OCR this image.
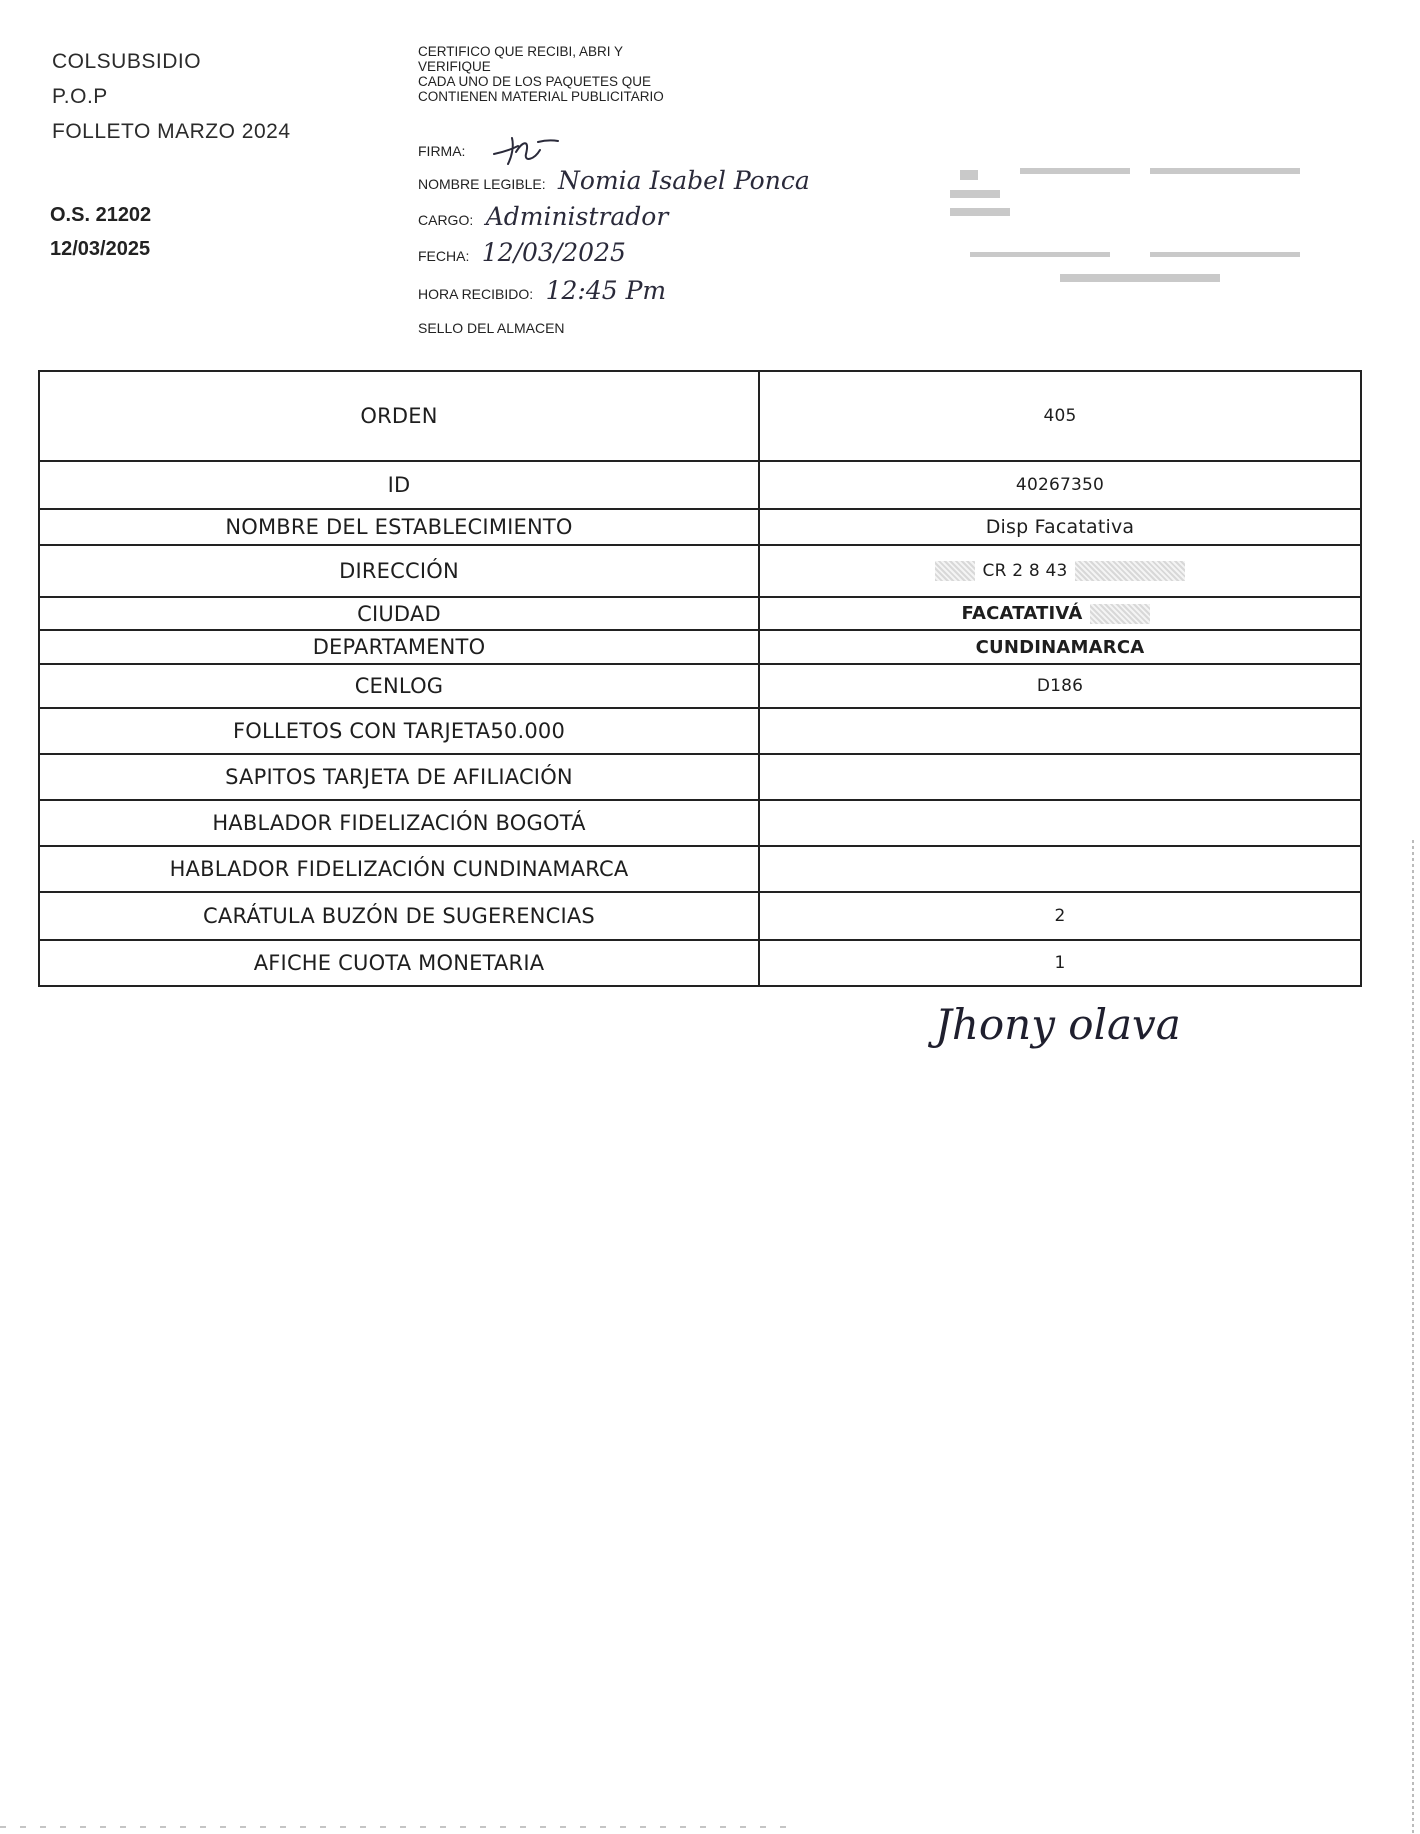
COLSUBSIDIO
P.O.P
FOLLETO MARZO 2024
O.S. 21202
12/03/2025
CERTIFICO QUE RECIBI, ABRI Y
VERIFIQUE
CADA UNO DE LOS PAQUETES QUE
CONTIENEN MATERIAL PUBLICITARIO
FIRMA:
NOMBRE LEGIBLE: Nomia Isabel Ponca
CARGO: Administrador
FECHA: 12/03/2025
HORA RECIBIDO: 12:45 Pm
SELLO DEL ALMACEN
ORDEN	405
ID	40267350
NOMBRE DEL ESTABLECIMIENTO	Disp Facatativa
DIRECCIÓN	CR 2 8 43
CIUDAD	FACATATIVÁ
DEPARTAMENTO	CUNDINAMARCA
CENLOG	D186
FOLLETOS CON TARJETA50.000	
SAPITOS TARJETA DE AFILIACIÓN	
HABLADOR FIDELIZACIÓN BOGOTÁ	
HABLADOR FIDELIZACIÓN CUNDINAMARCA	
CARÁTULA BUZÓN DE SUGERENCIAS	2
AFICHE CUOTA MONETARIA	1
Jhony olava
